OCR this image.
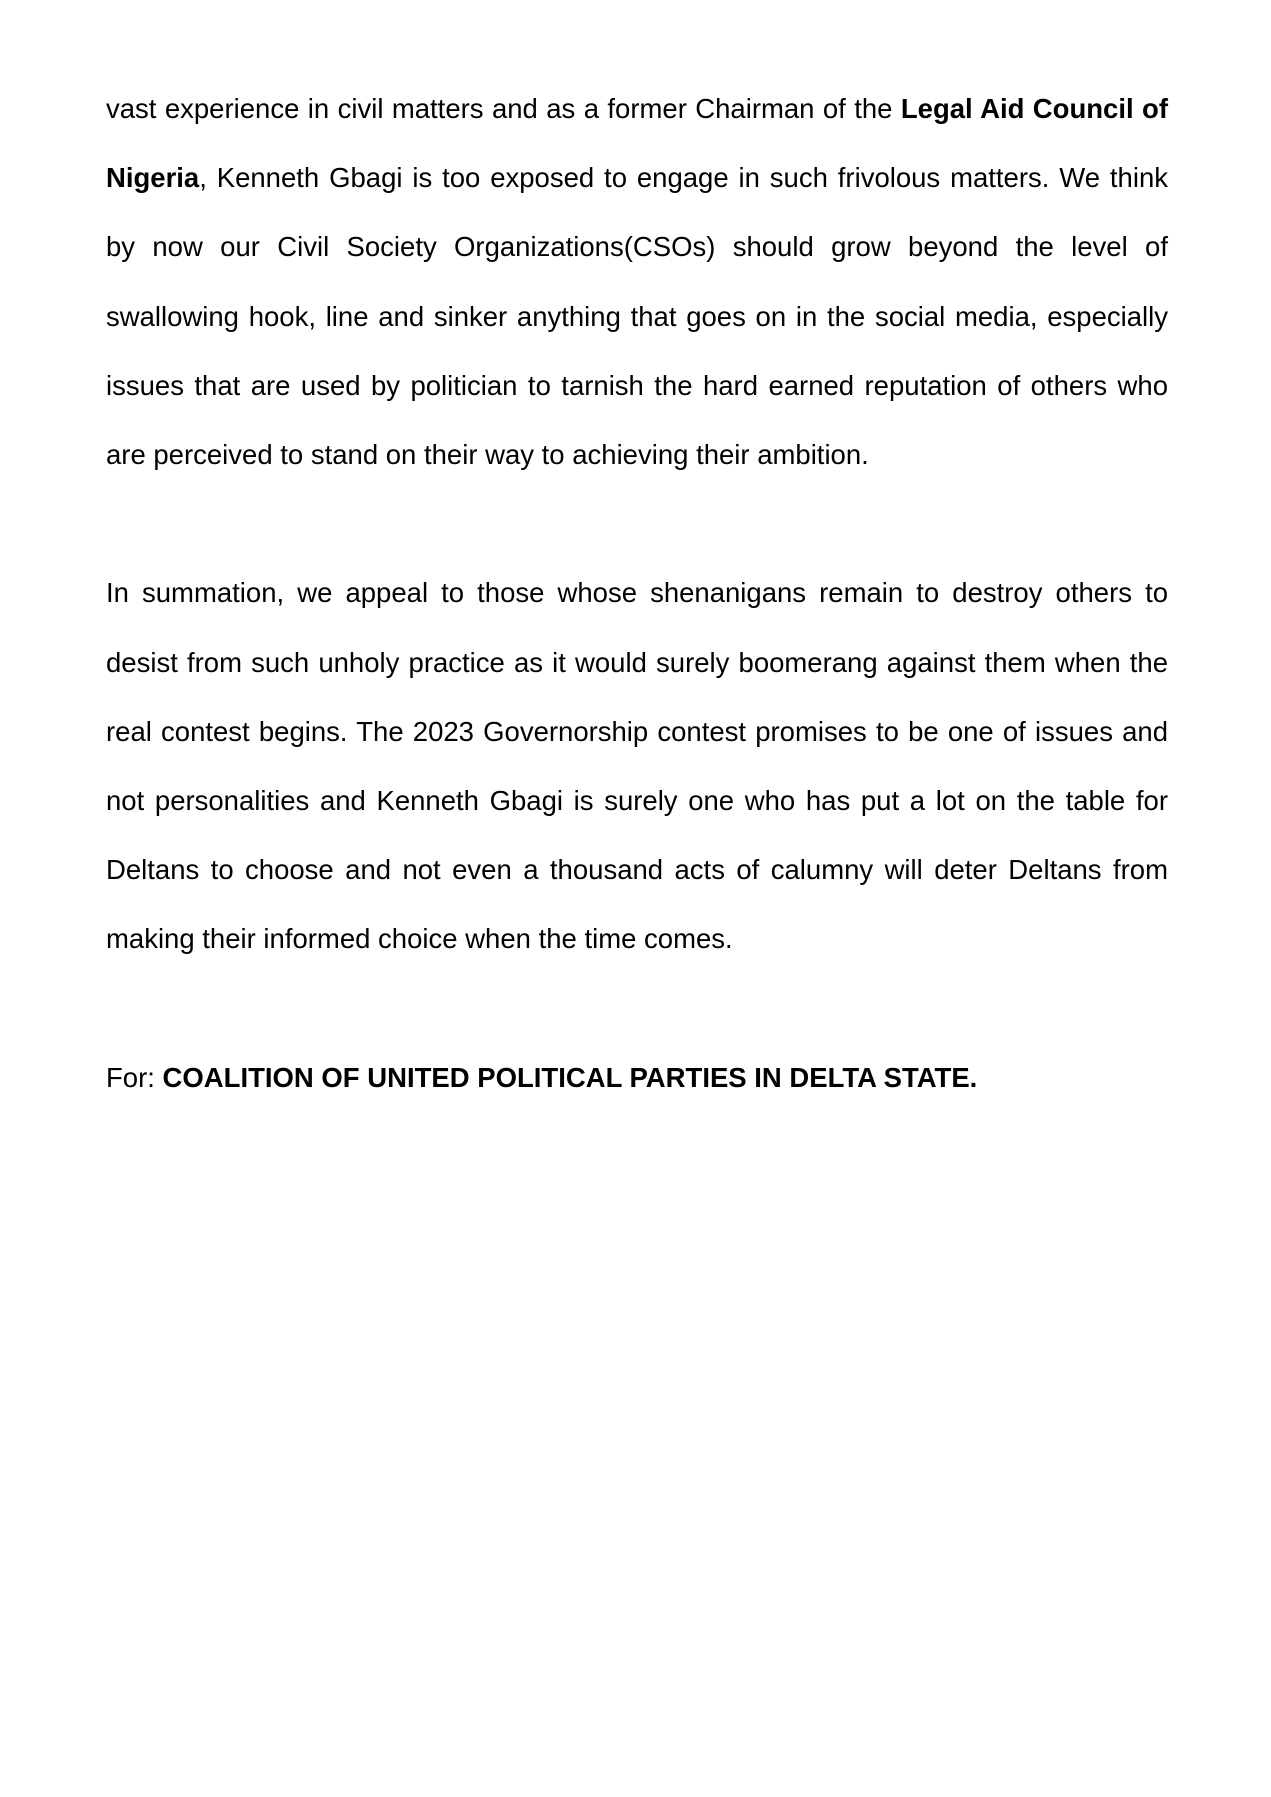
vast experience in civil matters and as a former Chairman of the Legal Aid Council of Nigeria, Kenneth Gbagi is too exposed to engage in such frivolous matters. We think by now our Civil Society Organizations(CSOs) should grow beyond the level of swallowing hook, line and sinker anything that goes on in the social media, especially issues that are used by politician to tarnish the hard earned reputation of others who are perceived to stand on their way to achieving their ambition.

In summation, we appeal to those whose shenanigans remain to destroy others to desist from such unholy practice as it would surely boomerang against them when the real contest begins. The 2023 Governorship contest promises to be one of issues and not personalities and Kenneth Gbagi is surely one who has put a lot on the table for Deltans to choose and not even a thousand acts of calumny will deter Deltans from making their informed choice when the time comes.

For: COALITION OF UNITED POLITICAL PARTIES IN DELTA STATE.
